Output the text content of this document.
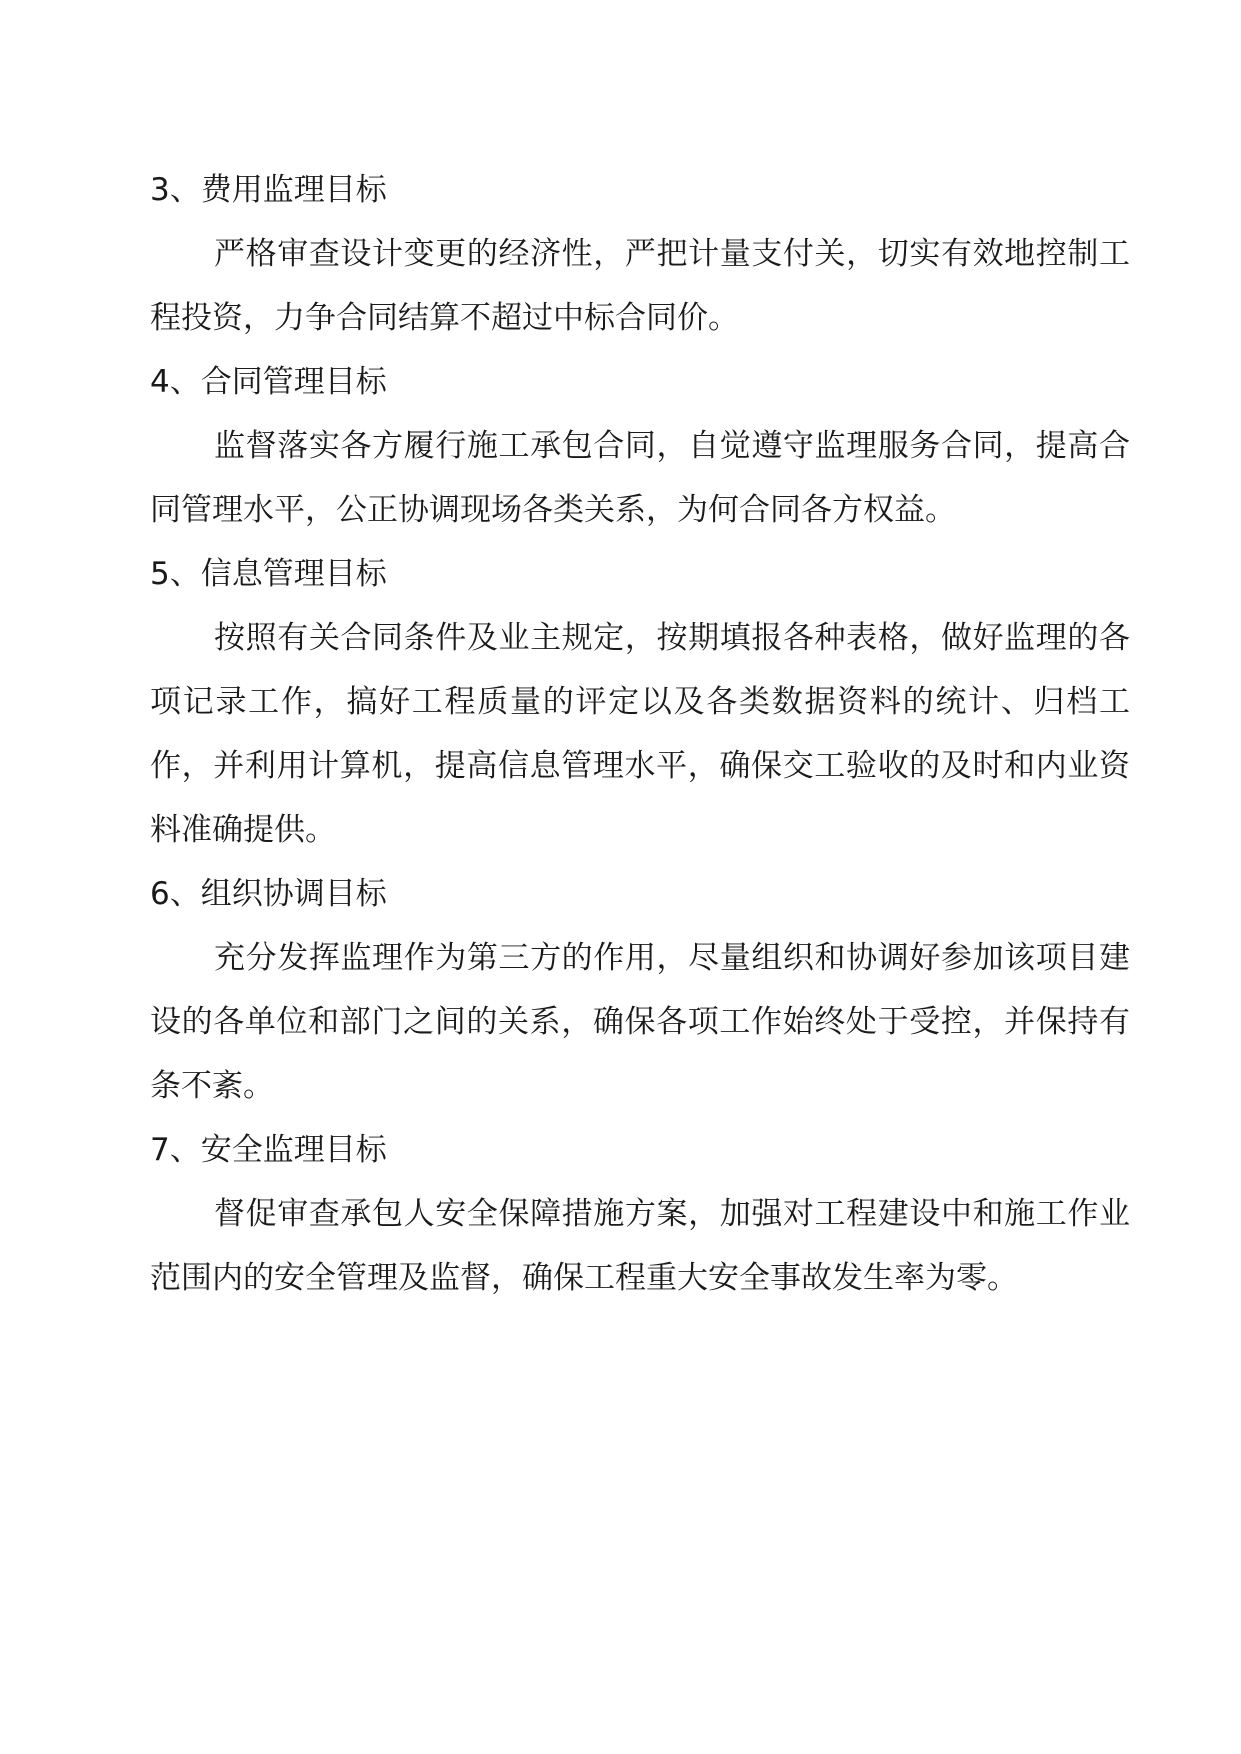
3、费用监理目标

严格审查设计变更的经济性，严把计量支付关，切实有效地控制工程投资，力争合同结算不超过中标合同价。

4、合同管理目标

监督落实各方履行施工承包合同，自觉遵守监理服务合同，提高合同管理水平，公正协调现场各类关系，为何合同各方权益。

5、信息管理目标

按照有关合同条件及业主规定，按期填报各种表格，做好监理的各项记录工作，搞好工程质量的评定以及各类数据资料的统计、归档工作，并利用计算机，提高信息管理水平，确保交工验收的及时和内业资料准确提供。

6、组织协调目标

充分发挥监理作为第三方的作用，尽量组织和协调好参加该项目建设的各单位和部门之间的关系，确保各项工作始终处于受控，并保持有条不紊。

7、安全监理目标

督促审查承包人安全保障措施方案，加强对工程建设中和施工作业范围内的安全管理及监督，确保工程重大安全事故发生率为零。
